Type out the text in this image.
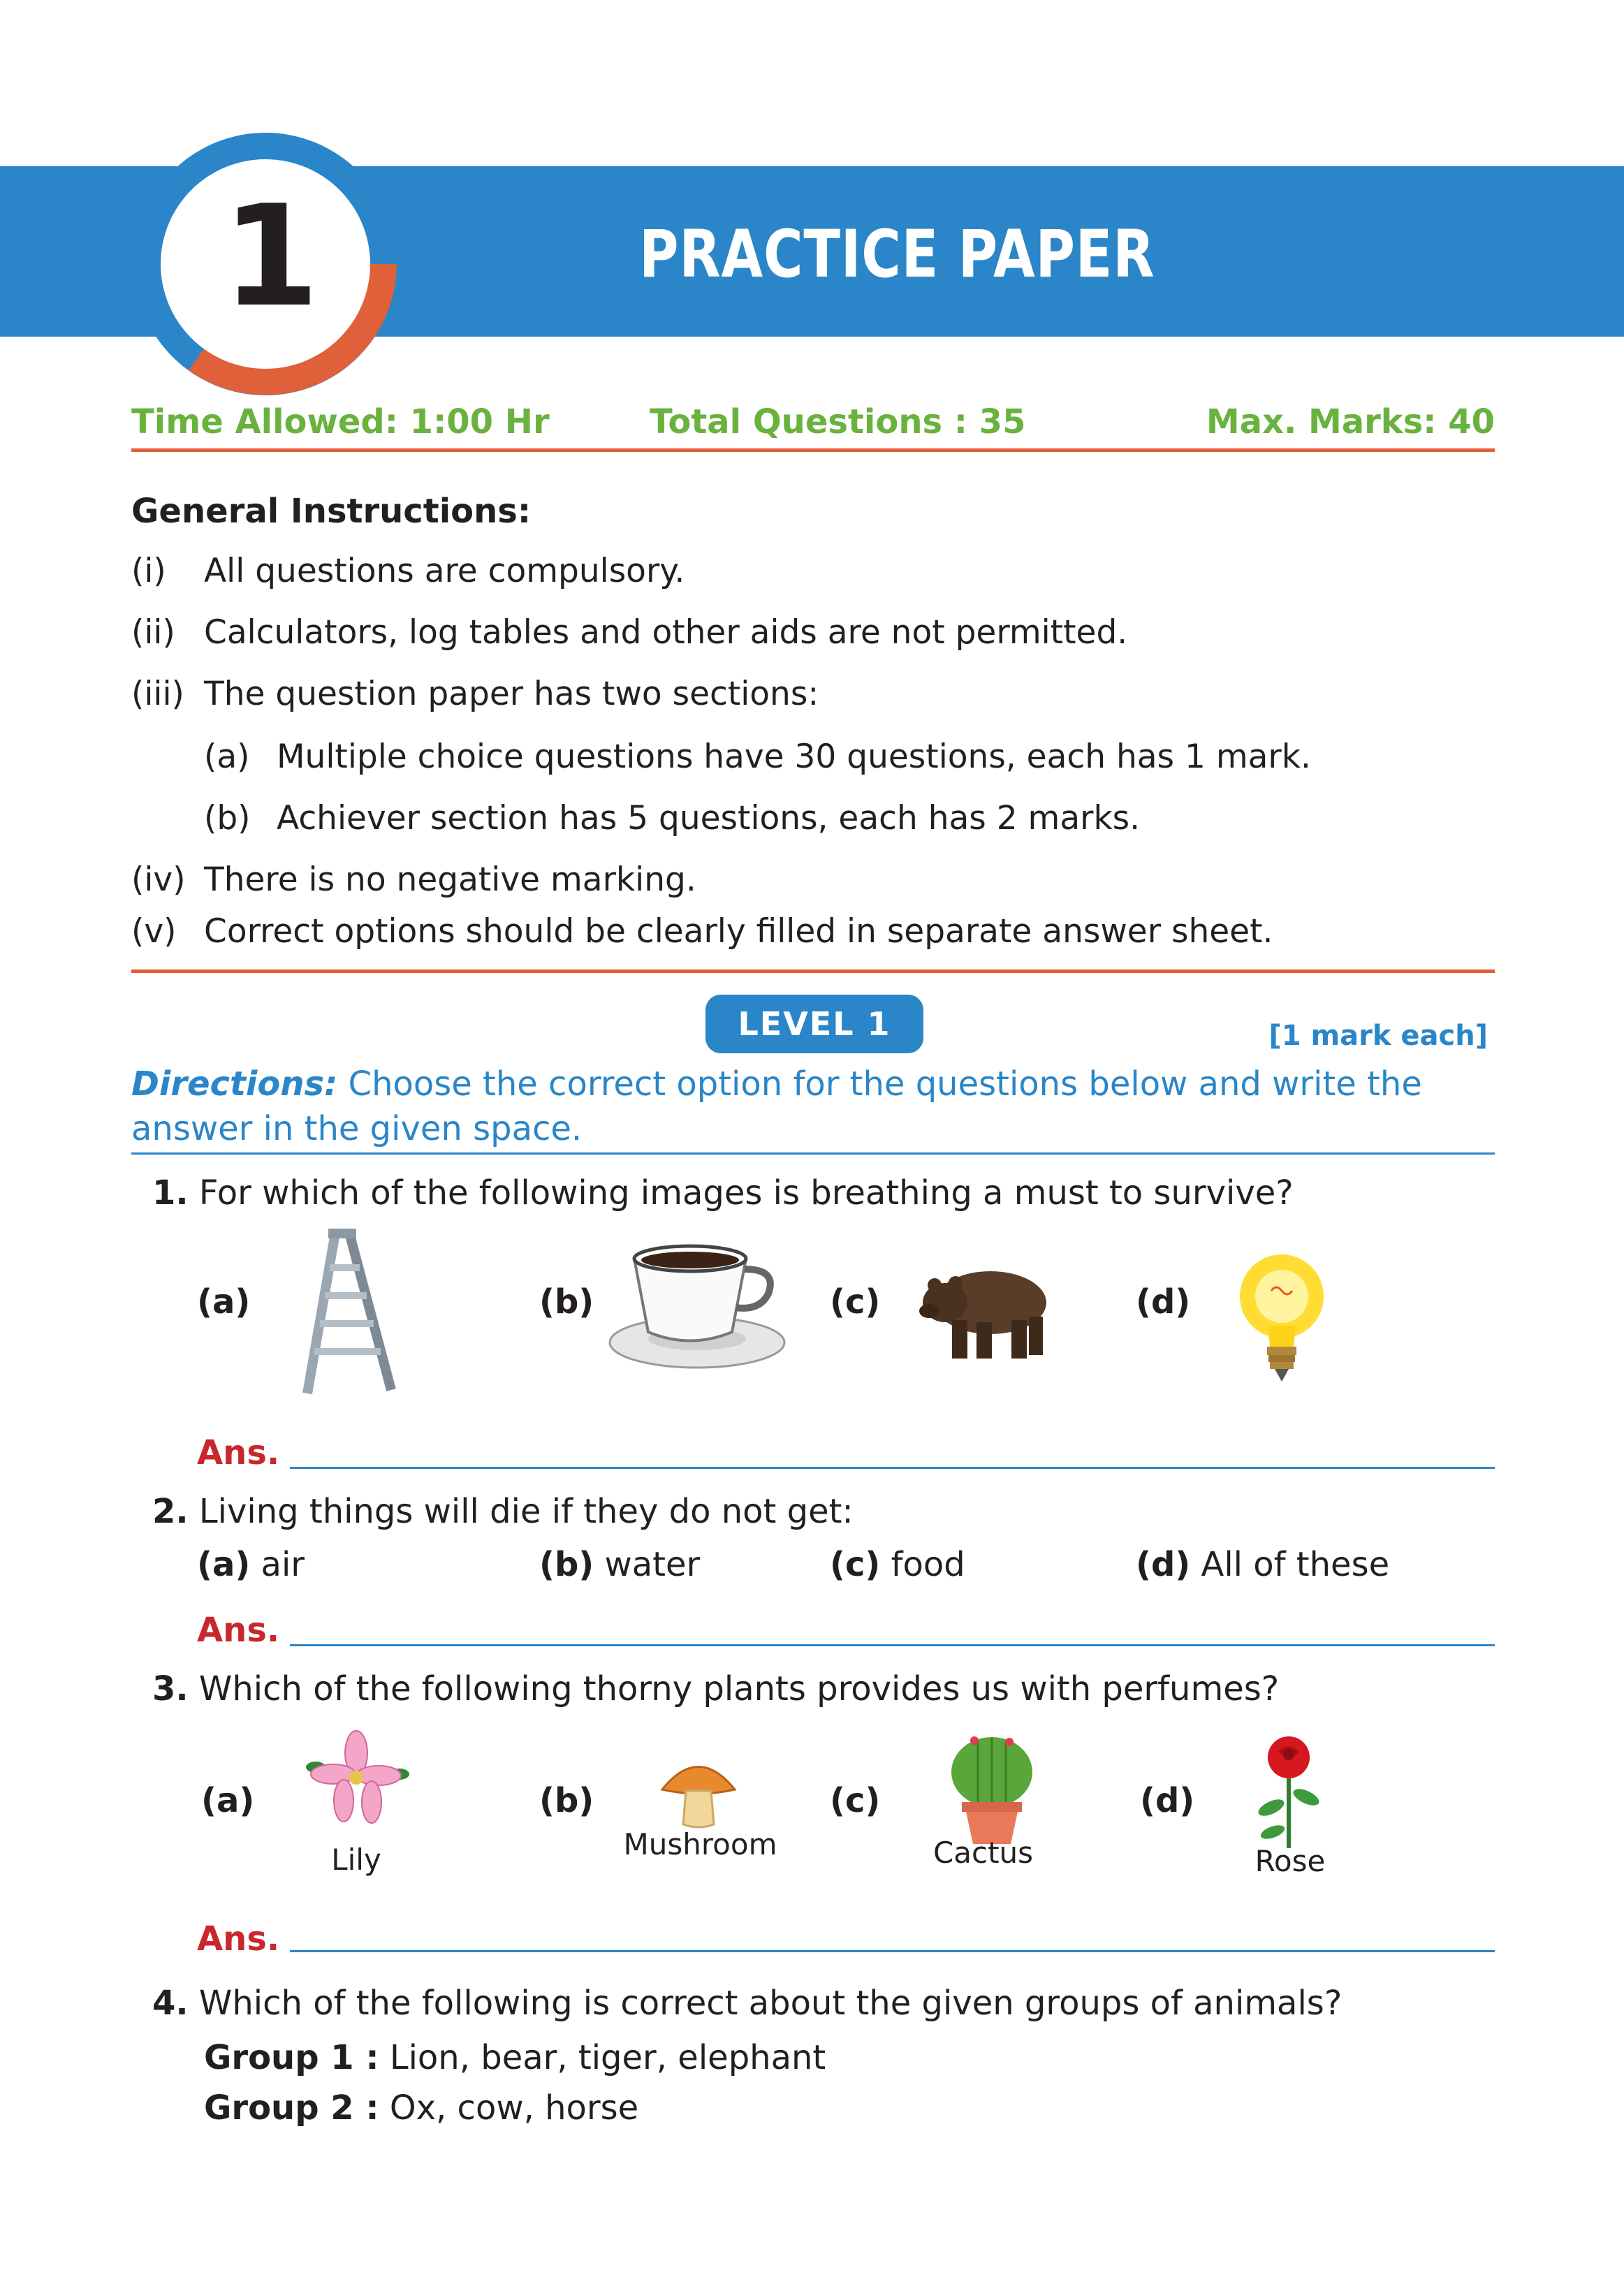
1	PRACTICE PAPER
Time Allowed: 1:00 Hr	Total Questions : 35	Max. Marks: 40
General Instructions:
(i) All questions are compulsory.
(ii) Calculators, log tables and other aids are not permitted.
(iii) The question paper has two sections:
(a) Multiple choice questions have 30 questions, each has 1 mark.
(b) Achiever section has 5 questions, each has 2 marks.
(iv) There is no negative marking.
(v) Correct options should be clearly filled in separate answer sheet.
LEVEL 1	[1 mark each]
Directions: Choose the correct option for the questions below and write the answer in the given space.
1. For which of the following images is breathing a must to survive?
(a)	(b)	(c)	(d)
Ans.
2. Living things will die if they do not get:
(a) air	(b) water	(c) food	(d) All of these
Ans.
3. Which of the following thorny plants provides us with perfumes?
(a)
Lily
(b)
Mushroom
(c)
Cactus
(d)
Rose
Ans.
4. Which of the following is correct about the given groups of animals?
Group 1 : Lion, bear, tiger, elephant
Group 2 : Ox, cow, horse
